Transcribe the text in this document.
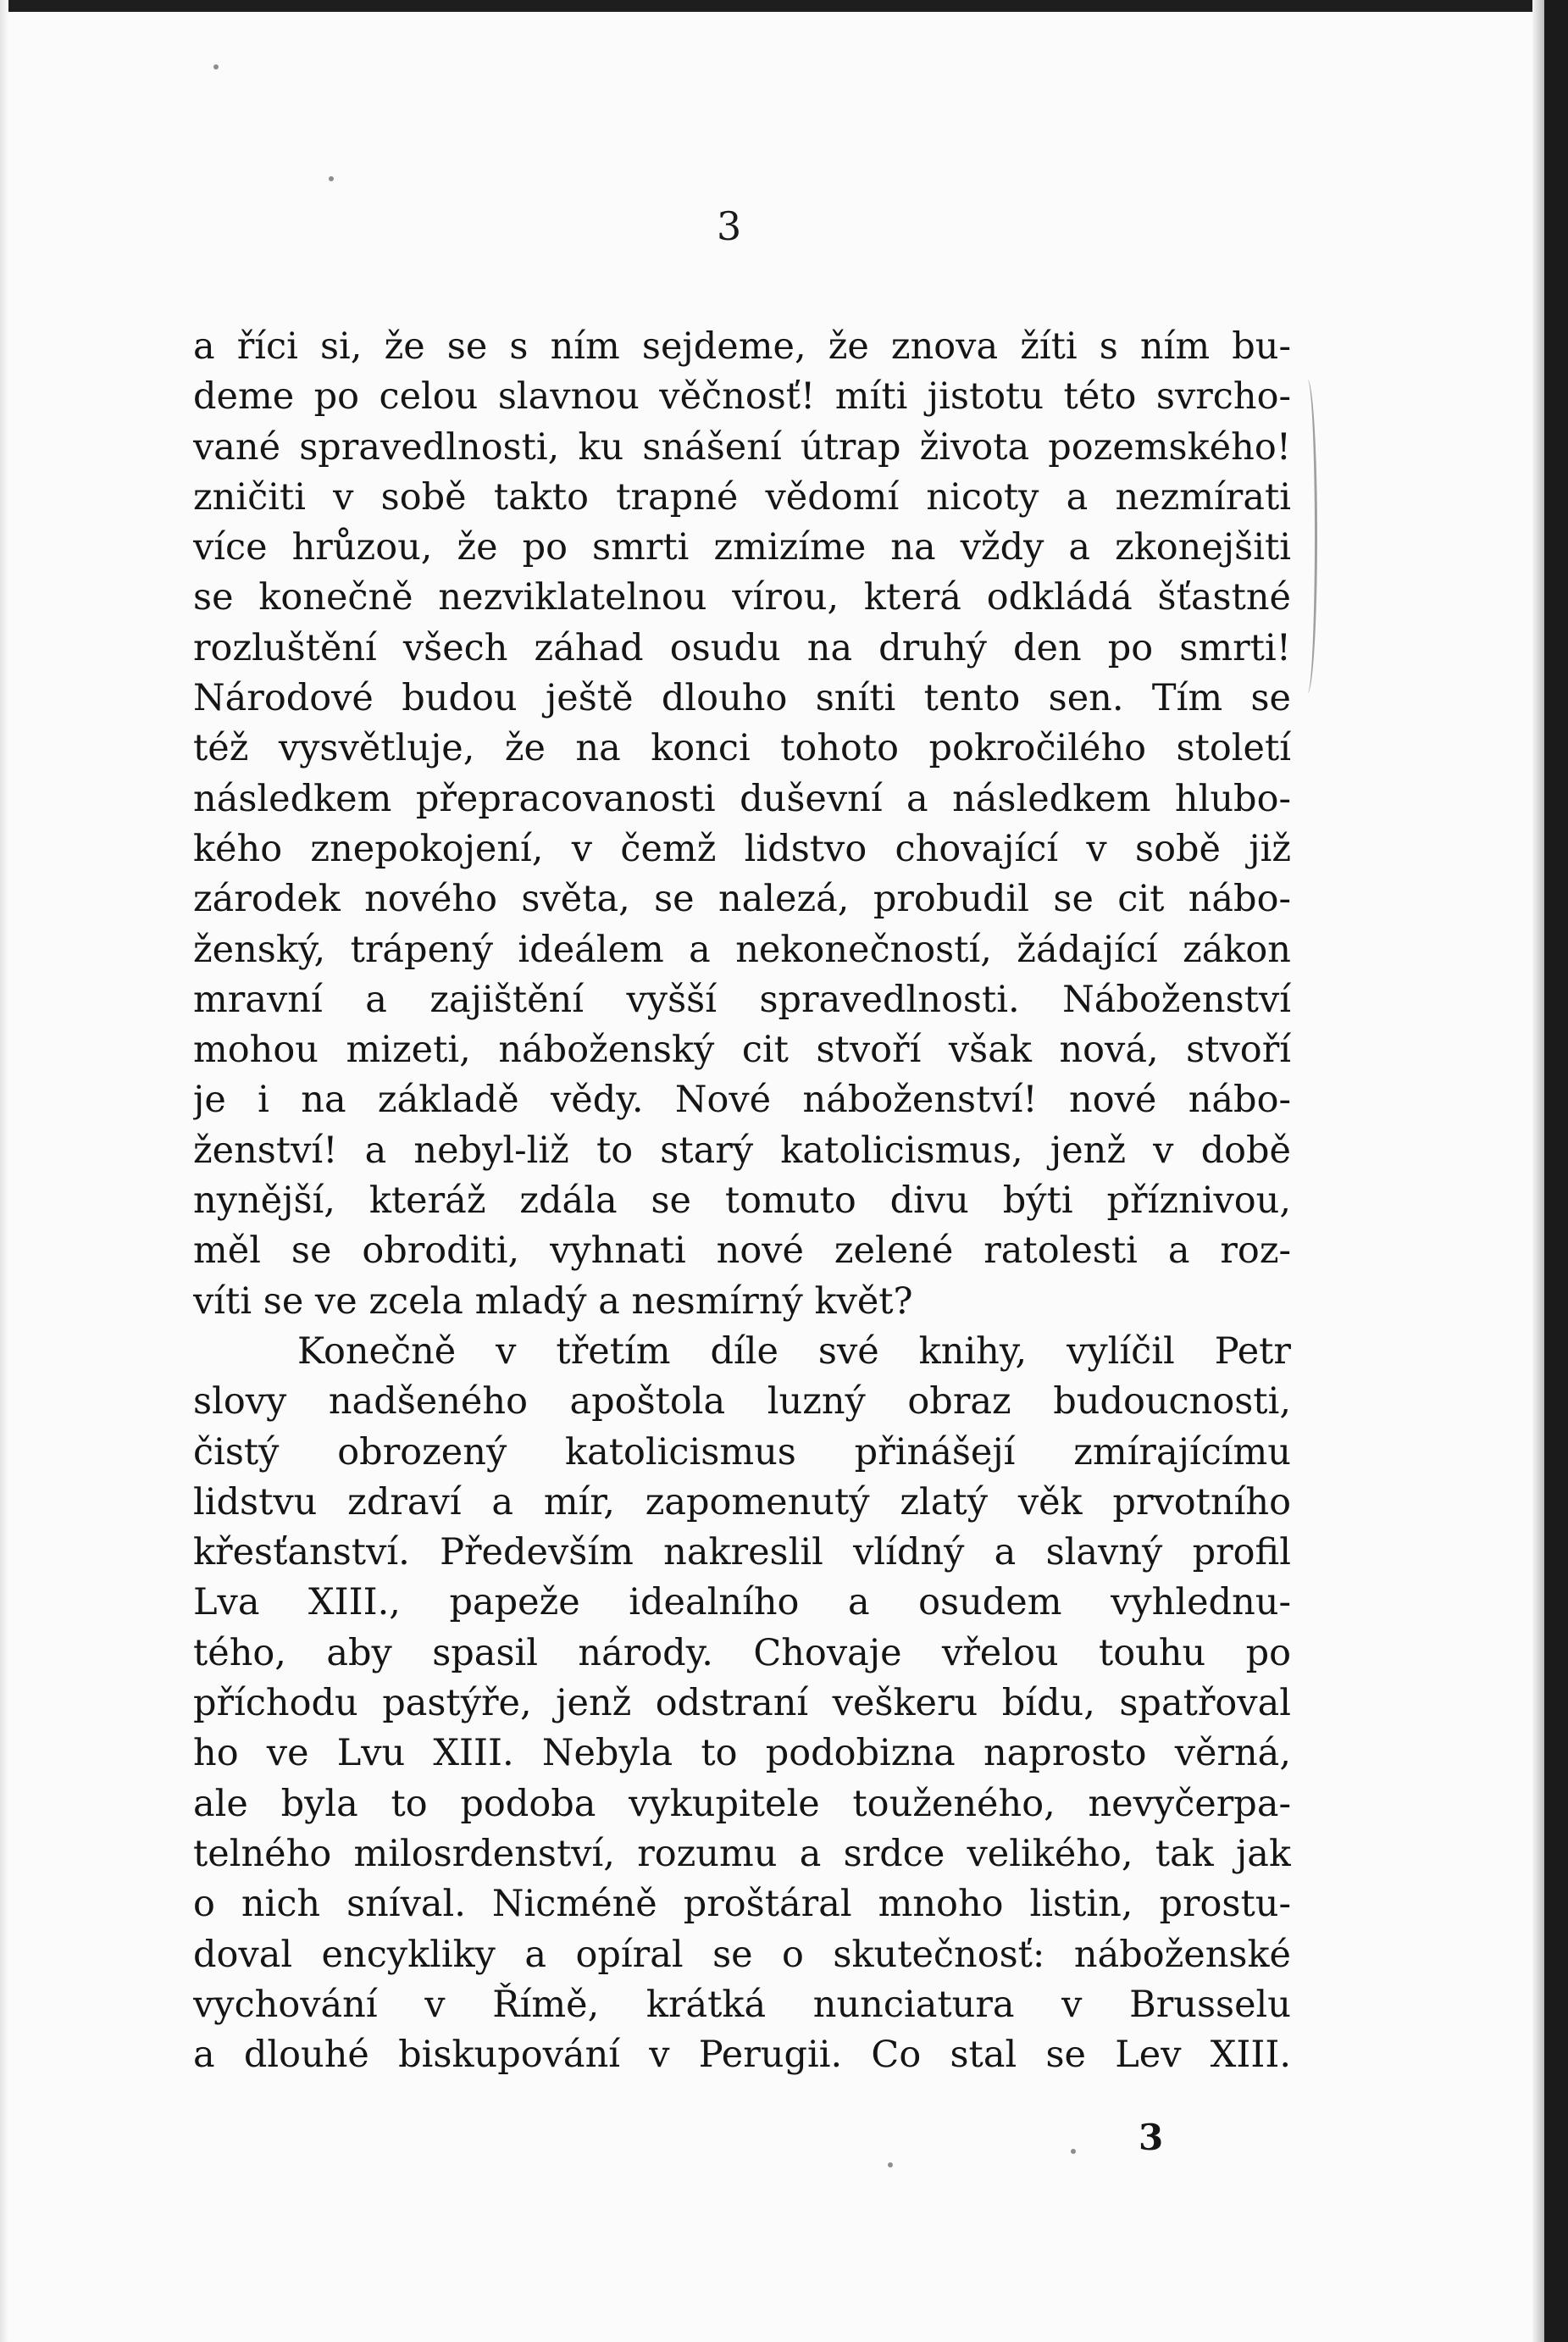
3
a říci si, že se s ním sejdeme, že znova žíti s ním bu-
deme po celou slavnou věčnosť! míti jistotu této svrcho-
vané spravedlnosti, ku snášení útrap života pozemského!
zničiti v sobě takto trapné vědomí nicoty a nezmírati
více hrůzou, že po smrti zmizíme na vždy a zkonejšiti
se konečně nezviklatelnou vírou, která odkládá šťastné
rozluštění všech záhad osudu na druhý den po smrti!
Národové budou ještě dlouho sníti tento sen. Tím se
též vysvětluje, že na konci tohoto pokročilého století
následkem přepracovanosti duševní a následkem hlubo-
kého znepokojení, v čemž lidstvo chovající v sobě již
zárodek nového světa, se nalezá, probudil se cit nábo-
ženský, trápený ideálem a nekonečností, žádající zákon
mravní a zajištění vyšší spravedlnosti. Náboženství
mohou mizeti, náboženský cit stvoří však nová, stvoří
je i na základě vědy. Nové náboženství! nové nábo-
ženství! a nebyl-liž to starý katolicismus, jenž v době
nynější, kteráž zdála se tomuto divu býti příznivou,
měl se obroditi, vyhnati nové zelené ratolesti a roz-
víti se ve zcela mladý a nesmírný květ?
Konečně v třetím díle své knihy, vylíčil Petr
slovy nadšeného apoštola luzný obraz budoucnosti,
čistý obrozený katolicismus přinášejí zmírajícímu
lidstvu zdraví a mír, zapomenutý zlatý věk prvotního
křesťanství. Především nakreslil vlídný a slavný profil
Lva XIII., papeže idealního a osudem vyhlednu-
tého, aby spasil národy. Chovaje vřelou touhu po
příchodu pastýře, jenž odstraní veškeru bídu, spatřoval
ho ve Lvu XIII. Nebyla to podobizna naprosto věrná,
ale byla to podoba vykupitele touženého, nevyčerpa-
telného milosrdenství, rozumu a srdce velikého, tak jak
o nich sníval. Nicméně proštáral mnoho listin, prostu-
doval encykliky a opíral se o skutečnosť: náboženské
vychování v Římě, krátká nunciatura v Brusselu
a dlouhé biskupování v Perugii. Co stal se Lev XIII.
3
